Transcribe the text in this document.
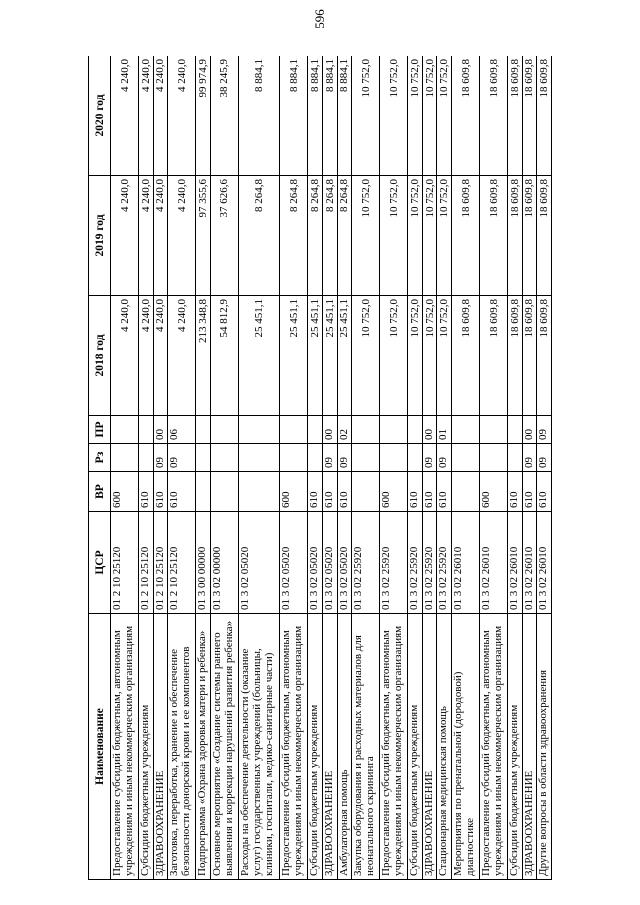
596
Наименование	ЦСР	ВР	Рз	ПР	2018 год	2019 год	2020 год
Предоставление субсидий бюджетным, автономным учреждениям и иным некоммерческим организациям	01 2 10 25120	600			4 240,0	4 240,0	4 240,0
Субсидии бюджетным учреждениям	01 2 10 25120	610			4 240,0	4 240,0	4 240,0
ЗДРАВООХРАНЕНИЕ	01 2 10 25120	610	09	00	4 240,0	4 240,0	4 240,0
Заготовка, переработка, хранение и обеспечение безопасности донорской крови и ее компонентов	01 2 10 25120	610	09	06	4 240,0	4 240,0	4 240,0
Подпрограмма «Охрана здоровья матери и ребенка»	01 3 00 00000				213 348,8	97 355,6	99 974,9
Основное мероприятие «Создание системы раннего выявления и коррекции нарушений развития ребенка»	01 3 02 00000				54 812,9	37 626,6	38 245,9
Расходы на обеспечение деятельности (оказание услуг) государственных учреждений (больницы, клиники, госпитали, медико-санитарные части)	01 3 02 05020				25 451,1	8 264,8	8 884,1
Предоставление субсидий бюджетным, автономным учреждениям и иным некоммерческим организациям	01 3 02 05020	600			25 451,1	8 264,8	8 884,1
Субсидии бюджетным учреждениям	01 3 02 05020	610			25 451,1	8 264,8	8 884,1
ЗДРАВООХРАНЕНИЕ	01 3 02 05020	610	09	00	25 451,1	8 264,8	8 884,1
Амбулаторная помощь	01 3 02 05020	610	09	02	25 451,1	8 264,8	8 884,1
Закупка оборудования и расходных материалов для неонатального скрининга	01 3 02 25920				10 752,0	10 752,0	10 752,0
Предоставление субсидий бюджетным, автономным учреждениям и иным некоммерческим организациям	01 3 02 25920	600			10 752,0	10 752,0	10 752,0
Субсидии бюджетным учреждениям	01 3 02 25920	610			10 752,0	10 752,0	10 752,0
ЗДРАВООХРАНЕНИЕ	01 3 02 25920	610	09	00	10 752,0	10 752,0	10 752,0
Стационарная медицинская помощь	01 3 02 25920	610	09	01	10 752,0	10 752,0	10 752,0
Мероприятия по пренатальной (дородовой) диагностике	01 3 02 26010				18 609,8	18 609,8	18 609,8
Предоставление субсидий бюджетным, автономным учреждениям и иным некоммерческим организациям	01 3 02 26010	600			18 609,8	18 609,8	18 609,8
Субсидии бюджетным учреждениям	01 3 02 26010	610			18 609,8	18 609,8	18 609,8
ЗДРАВООХРАНЕНИЕ	01 3 02 26010	610	09	00	18 609,8	18 609,8	18 609,8
Другие вопросы в области здравоохранения	01 3 02 26010	610	09	09	18 609,8	18 609,8	18 609,8
